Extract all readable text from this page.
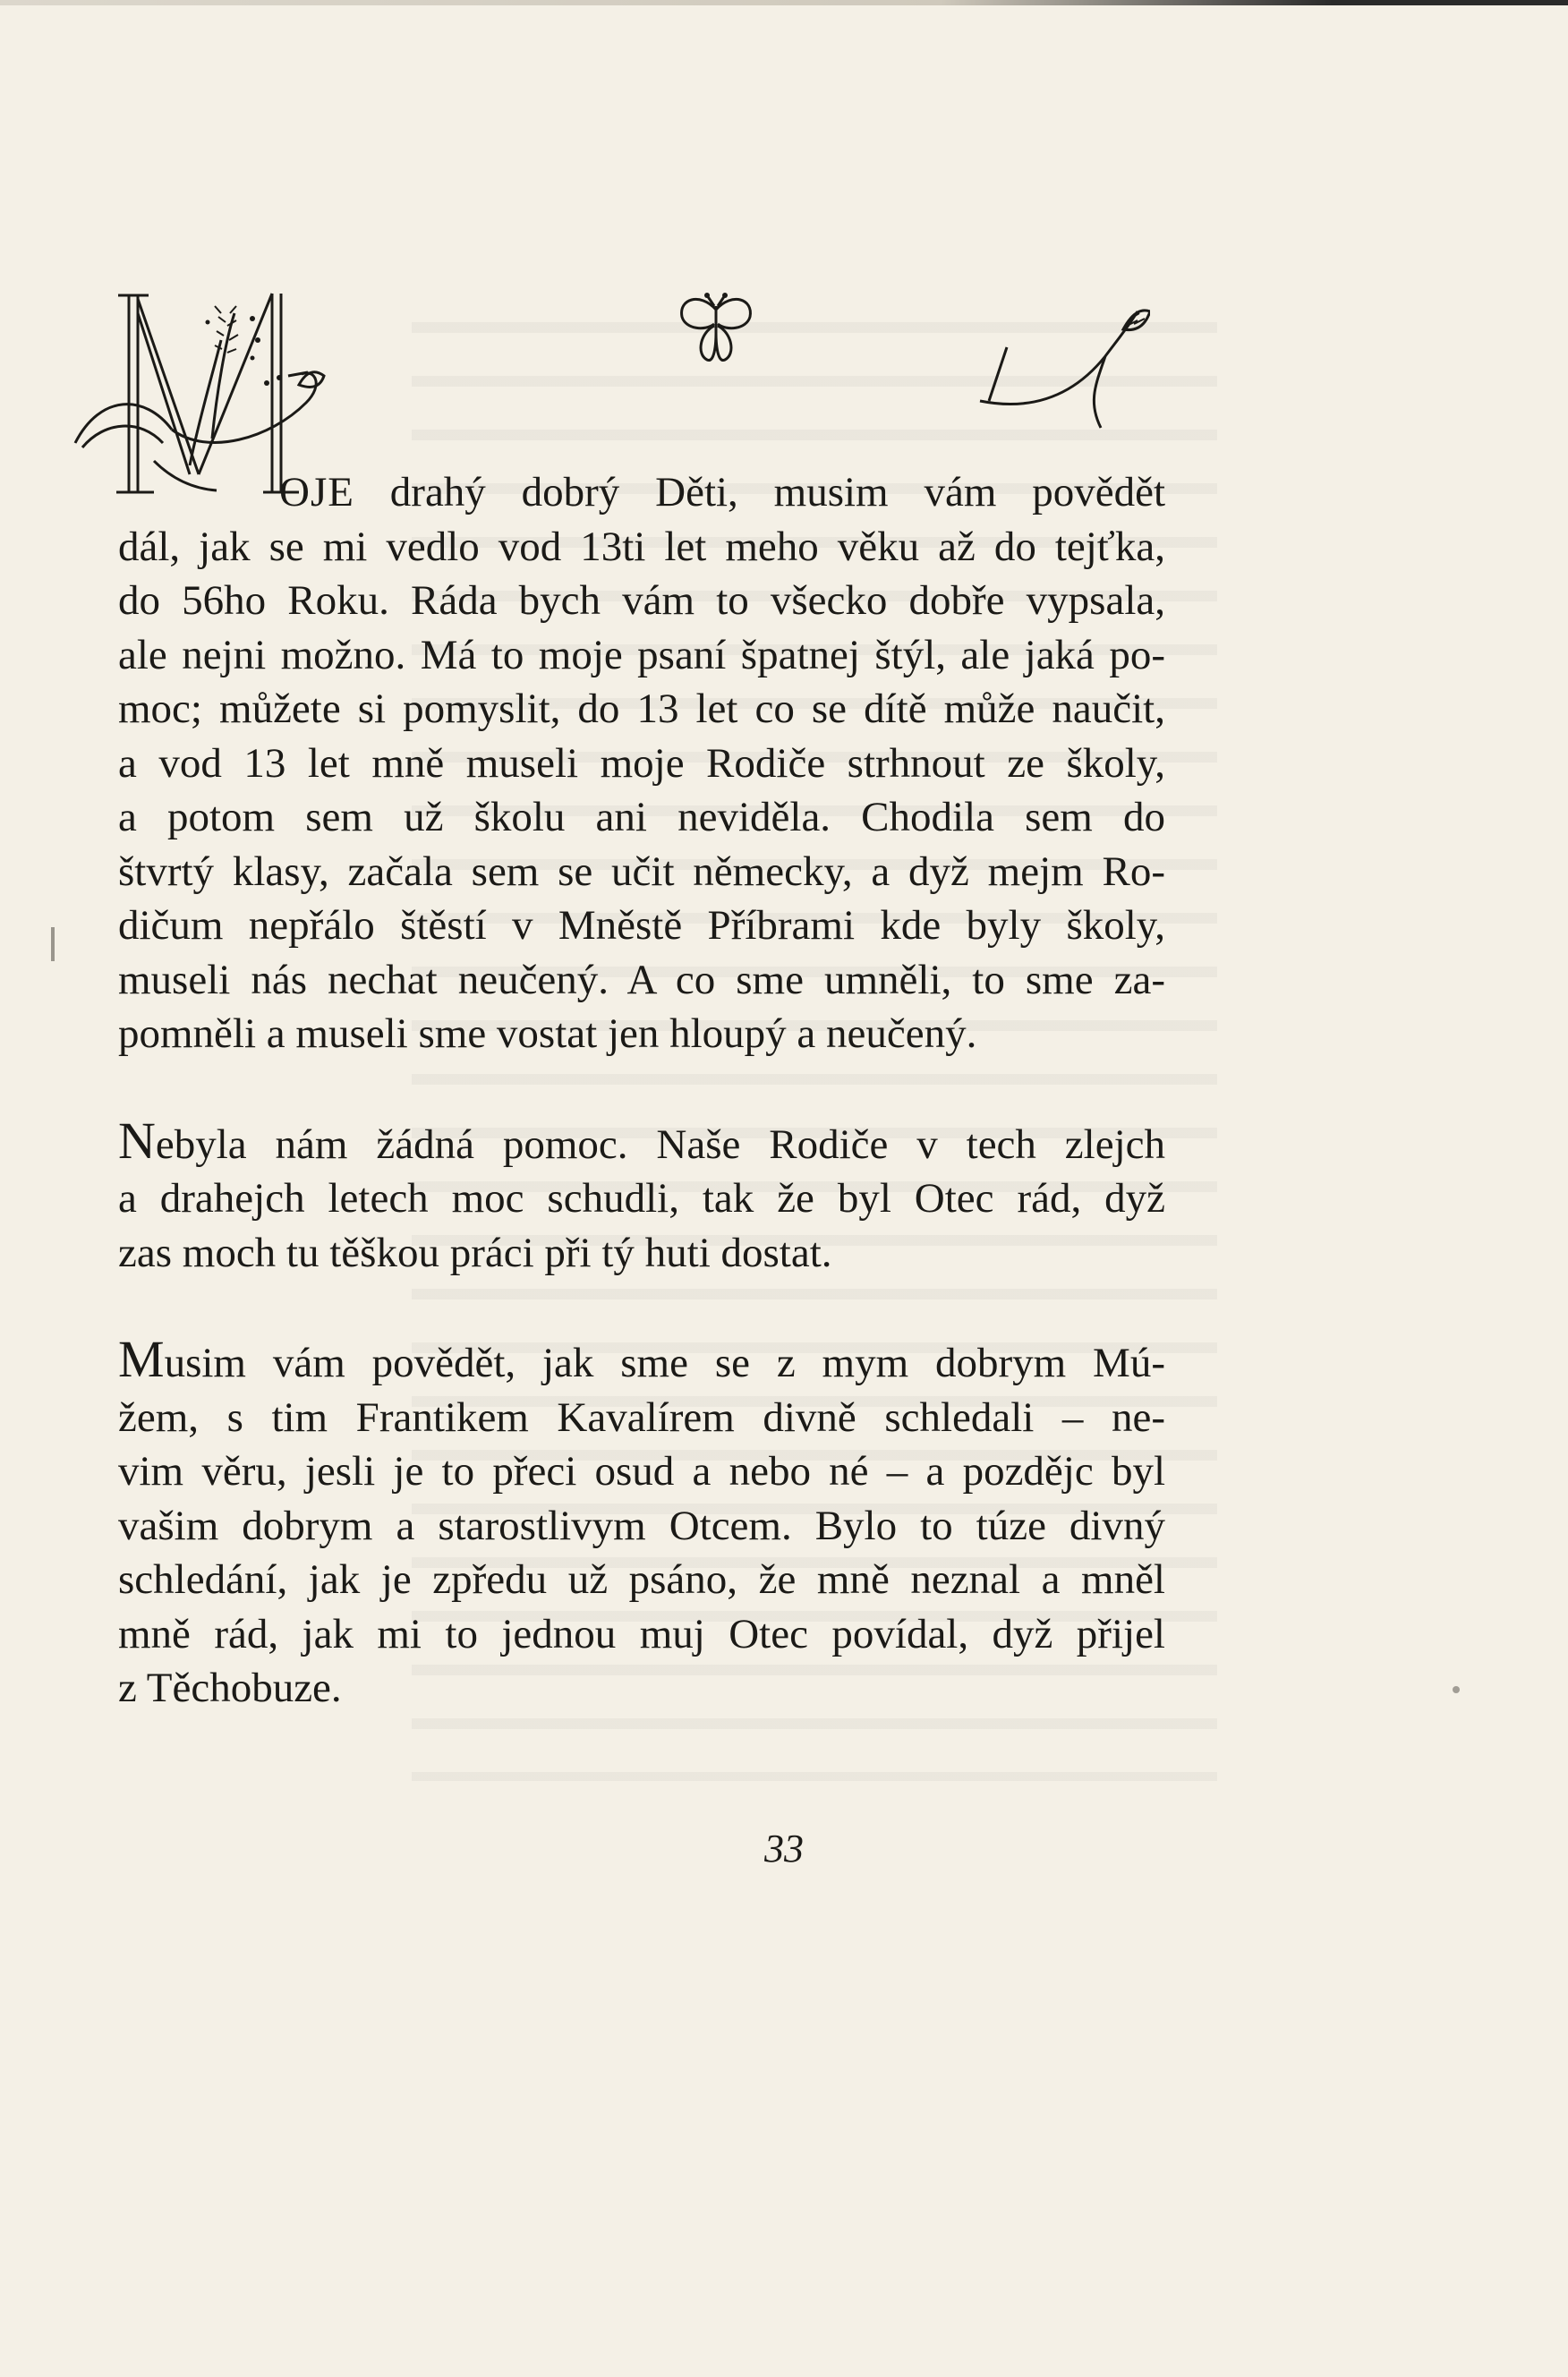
OJE drahý dobrý Děti, musim vám povědět
dál, jak se mi vedlo vod 13ti let meho věku až do tejťka,
do 56ho Roku. Ráda bych vám to všecko dobře vypsala,
ale nejni možno. Má to moje psaní špatnej štýl, ale jaká po-
moc; můžete si pomyslit, do 13 let co se dítě může naučit,
a vod 13 let mně museli moje Rodiče strhnout ze školy,
a potom sem už školu ani neviděla. Chodila sem do
štvrtý klasy, začala sem se učit německy, a dyž mejm Ro-
dičum nepřálo štěstí v Mněstě Příbrami kde byly školy,
museli nás nechat neučený. A co sme umněli, to sme za-
pomněli a museli sme vostat jen hloupý a neučený.

Nebyla nám žádná pomoc. Naše Rodiče v tech zlejch
a drahejch letech moc schudli, tak že byl Otec rád, dyž
zas moch tu těškou práci při tý huti dostat.

Musim vám povědět, jak sme se z mym dobrym Mú-
žem, s tim Frantikem Kavalírem divně schledali – ne-
vim věru, jesli je to přeci osud a nebo né – a pozdějc byl
vašim dobrym a starostlivym Otcem. Bylo to túze divný
schledání, jak je zpředu už psáno, že mně neznal a mněl
mně rád, jak mi to jednou muj Otec povídal, dyž přijel
z Těchobuze.

33
